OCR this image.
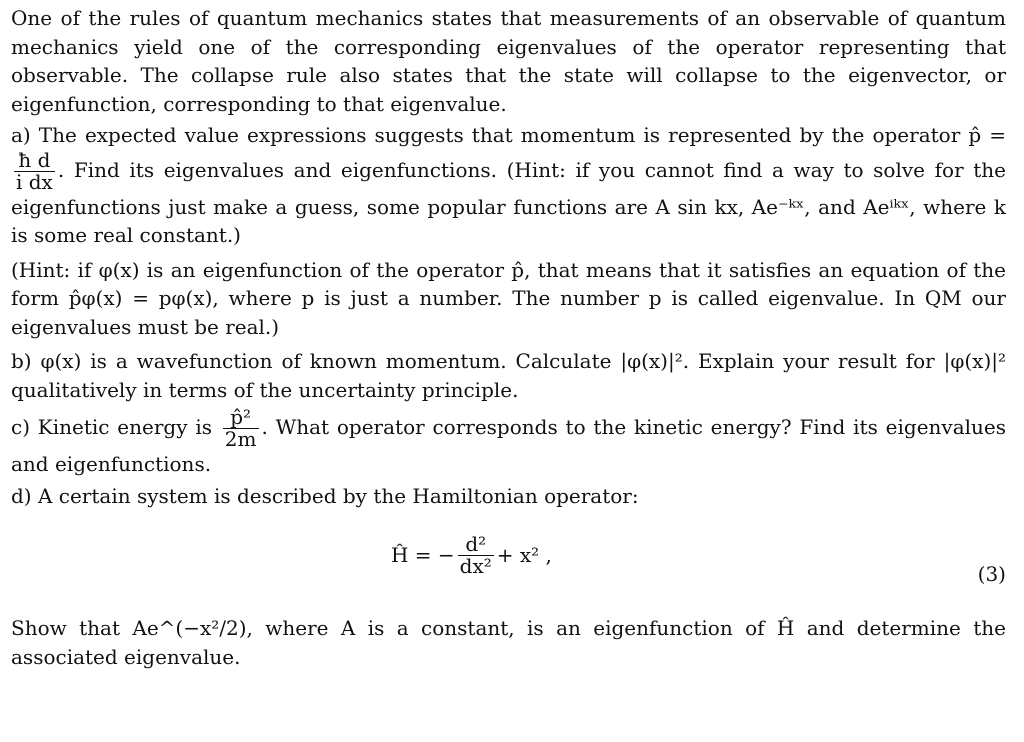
One of the rules of quantum mechanics states that measurements of an observable of quantum mechanics yield one of the corresponding eigenvalues of the operator representing that observable. The collapse rule also states that the state will collapse to the eigenvector, or eigenfunction, corresponding to that eigenvalue.

a) The expected value expressions suggests that momentum is represented by the operator p̂ =
$\frac{\text{ħ d}}{\text{i dx}}$ . Find its eigenvalues and eigenfunctions. (Hint: if you cannot find a way to solve for the eigenfunctions just make a guess, some popular functions are A sin kx, Ae⁻ᵏˣ, and Aeⁱᵏˣ, where k is some real constant.)

(Hint: if φ(x) is an eigenfunction of the operator p̂, that means that it satisfies an equation of the form p̂φ(x) = pφ(x), where p is just a number. The number p is called eigenvalue. In QM our eigenvalues must be real.)

b) φ(x) is a wavefunction of known momentum. Calculate |φ(x)|². Explain your result for |φ(x)|² qualitatively in terms of the uncertainty principle.

c) Kinetic energy is $\frac{\text{p̂²}}{2m}$ . What operator corresponds to the kinetic energy? Find its eigenvalues and eigenfunctions.

d) A certain system is described by the Hamiltonian operator:

Ĥ = − $\frac{\text{d²}}{\text{dx²}} + x^2$ ,
(3)

Show that Ae^(−x²/2), where A is a constant, is an eigenfunction of Ĥ and determine the associated eigenvalue.
